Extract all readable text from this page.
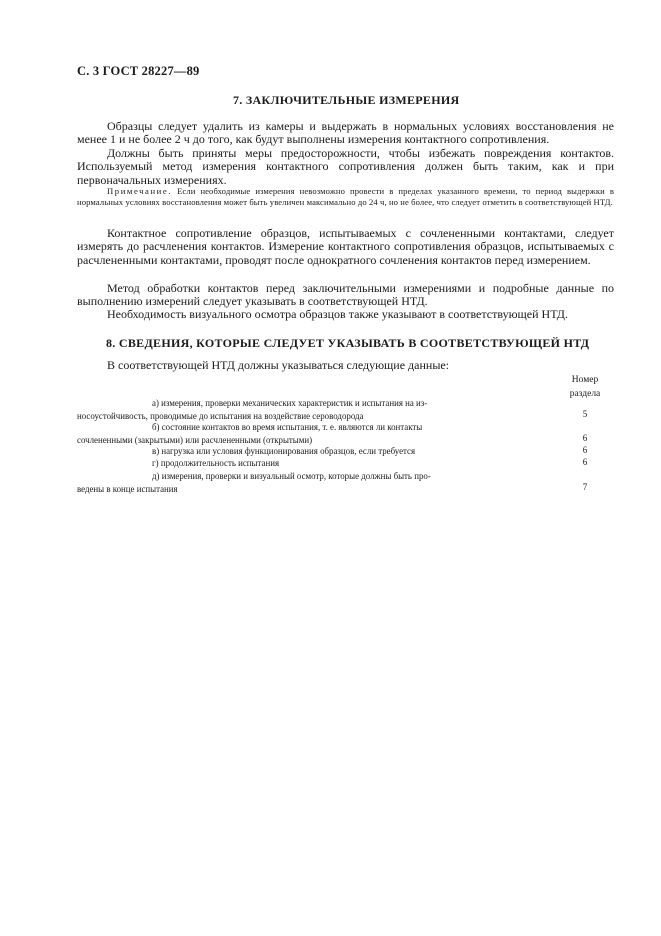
С. 3 ГОСТ 28227—89
7. ЗАКЛЮЧИТЕЛЬНЫЕ ИЗМЕРЕНИЯ

Образцы следует удалить из камеры и выдержать в нормальных условиях восстановления не менее 1 и не более 2 ч до того, как будут выполнены измерения контактного сопротивления.

Должны быть приняты меры предосторожности, чтобы избежать повреждения контактов. Используемый метод измерения контактного сопротивления должен быть таким, как и при первоначальных измерениях.

Примечание. Если необходимые измерения невозможно провести в пределах указанного времени, то период выдержки в нормальных условиях восстановления может быть увеличен максимально до 24 ч, но не более, что следует отметить в соответствующей НТД.

Контактное сопротивление образцов, испытываемых с сочлененными контактами, следует измерять до расчленения контактов. Измерение контактного сопротивления образцов, испытываемых с расчлененными контактами, проводят после однократного сочленения контактов перед измерением.

Метод обработки контактов перед заключительными измерениями и подробные данные по выполнению измерений следует указывать в соответствующей НТД.

Необходимость визуального осмотра образцов также указывают в соответствующей НТД.

8. СВЕДЕНИЯ, КОТОРЫЕ СЛЕДУЕТ УКАЗЫВАТЬ В СООТВЕТСТВУЮЩЕЙ НТД

В соответствующей НТД должны указываться следующие данные:

Номер
раздела
а) измерения, проверки механических характеристик и испытания на из-
носоустойчивость, проводимые до испытания на воздействие сероводорода	5
б) состояние контактов во время испытания, т. е. являются ли контакты
сочлененными (закрытыми) или расчлененными (открытыми)	6
в) нагрузка или условия функционирования образцов, если требуется	6
г) продолжительность испытания	6
д) измерения, проверки и визуальный осмотр, которые должны быть про-
ведены в конце испытания	7
